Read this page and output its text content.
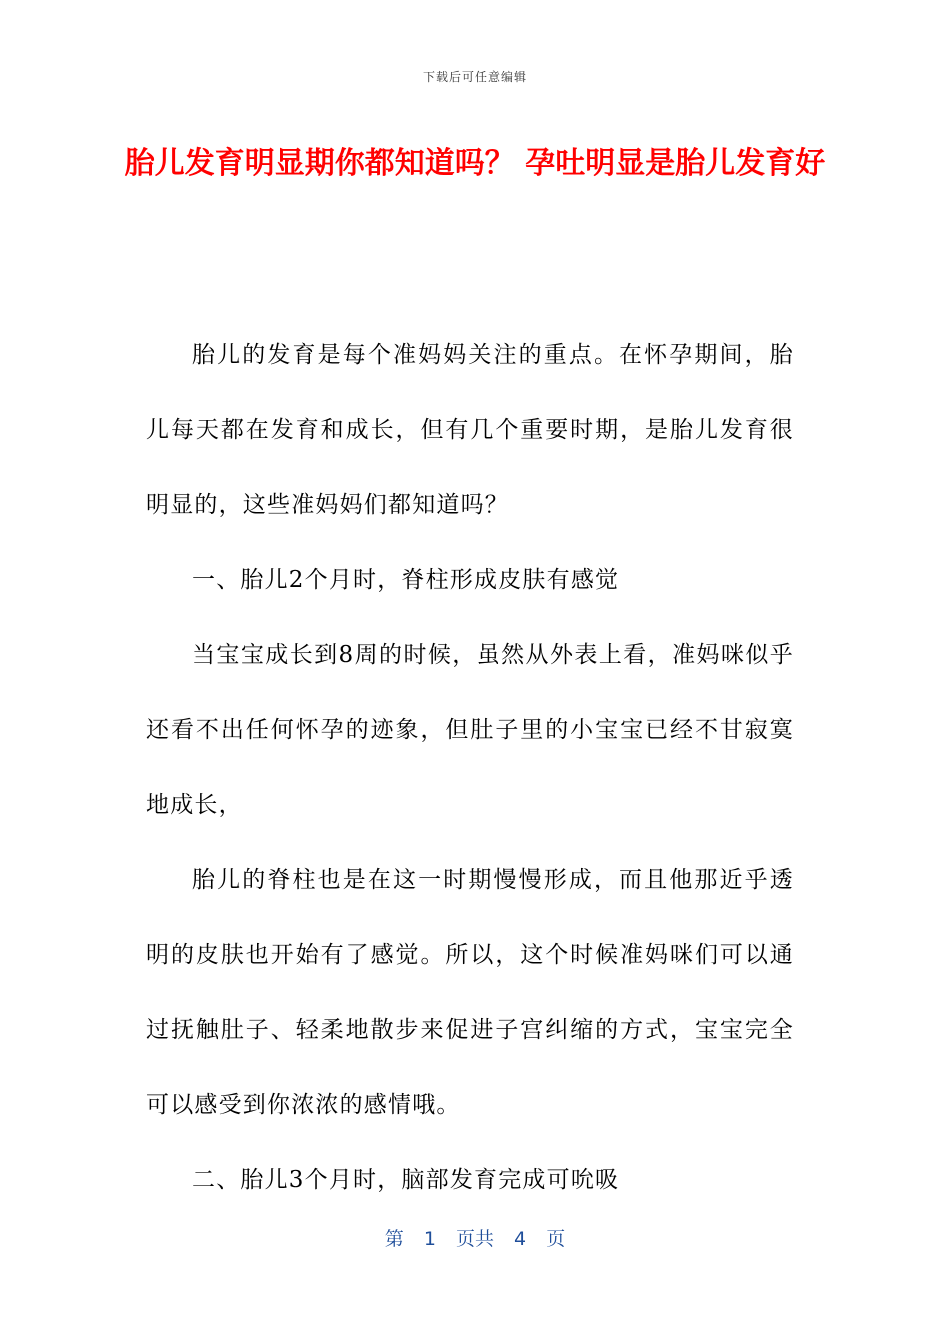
下载后可任意编辑
胎儿发育明显期你都知道吗？ 孕吐明显是胎儿发育好

胎儿的发育是每个准妈妈关注的重点。在怀孕期间，胎儿每天都在发育和成长，但有几个重要时期，是胎儿发育很明显的，这些准妈妈们都知道吗？

一、胎儿2个月时，脊柱形成皮肤有感觉

当宝宝成长到8周的时候，虽然从外表上看，准妈咪似乎还看不出任何怀孕的迹象，但肚子里的小宝宝已经不甘寂寞地成长，

胎儿的脊柱也是在这一时期慢慢形成，而且他那近乎透明的皮肤也开始有了感觉。所以，这个时候准妈咪们可以通过抚触肚子、轻柔地散步来促进子宫纠缩的方式，宝宝完全可以感受到你浓浓的感情哦。

二、胎儿3个月时，脑部发育完成可吮吸

第 1 页共 4 页
